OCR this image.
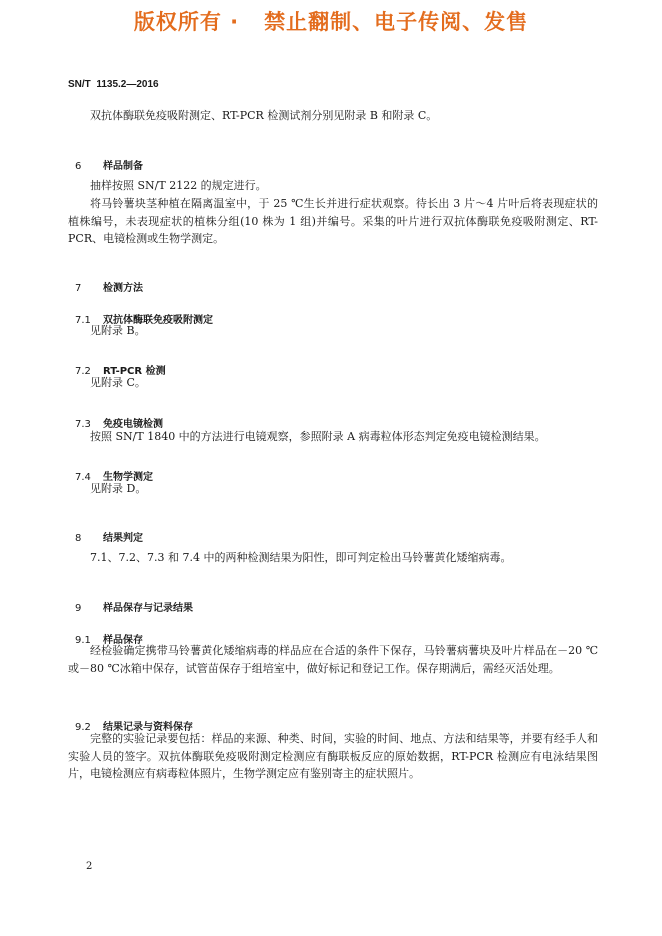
版权所有 ·   禁止翻制、电子传阅、发售
SN/T  1135.2—2016
双抗体酶联免疫吸附测定、RT-PCR 检测试剂分别见附录 B 和附录 C。

6 样品制备

抽样按照 SN/T 2122 的规定进行。
将马铃薯块茎种植在隔离温室中，于 25 ℃生长并进行症状观察。待长出 3 片～4 片叶后将表现症状的植株编号，未表现症状的植株分组(10 株为 1 组)并编号。采集的叶片进行双抗体酶联免疫吸附测定、RT-PCR、电镜检测或生物学测定。

7 检测方法

7.1 双抗体酶联免疫吸附测定

见附录 B。

7.2 RT-PCR 检测

见附录 C。

7.3 免疫电镜检测

按照 SN/T 1840 中的方法进行电镜观察，参照附录 A 病毒粒体形态判定免疫电镜检测结果。

7.4 生物学测定

见附录 D。

8 结果判定

7.1、7.2、7.3 和 7.4 中的两种检测结果为阳性，即可判定检出马铃薯黄化矮缩病毒。

9 样品保存与记录结果

9.1 样品保存

经检验确定携带马铃薯黄化矮缩病毒的样品应在合适的条件下保存，马铃薯病薯块及叶片样品在－20 ℃或－80 ℃冰箱中保存，试管苗保存于组培室中，做好标记和登记工作。保存期满后，需经灭活处理。

9.2 结果记录与资料保存

完整的实验记录要包括：样品的来源、种类、时间，实验的时间、地点、方法和结果等，并要有经手人和实验人员的签字。双抗体酶联免疫吸附测定检测应有酶联板反应的原始数据，RT-PCR 检测应有电泳结果图片，电镜检测应有病毒粒体照片，生物学测定应有鉴别寄主的症状照片。
2
